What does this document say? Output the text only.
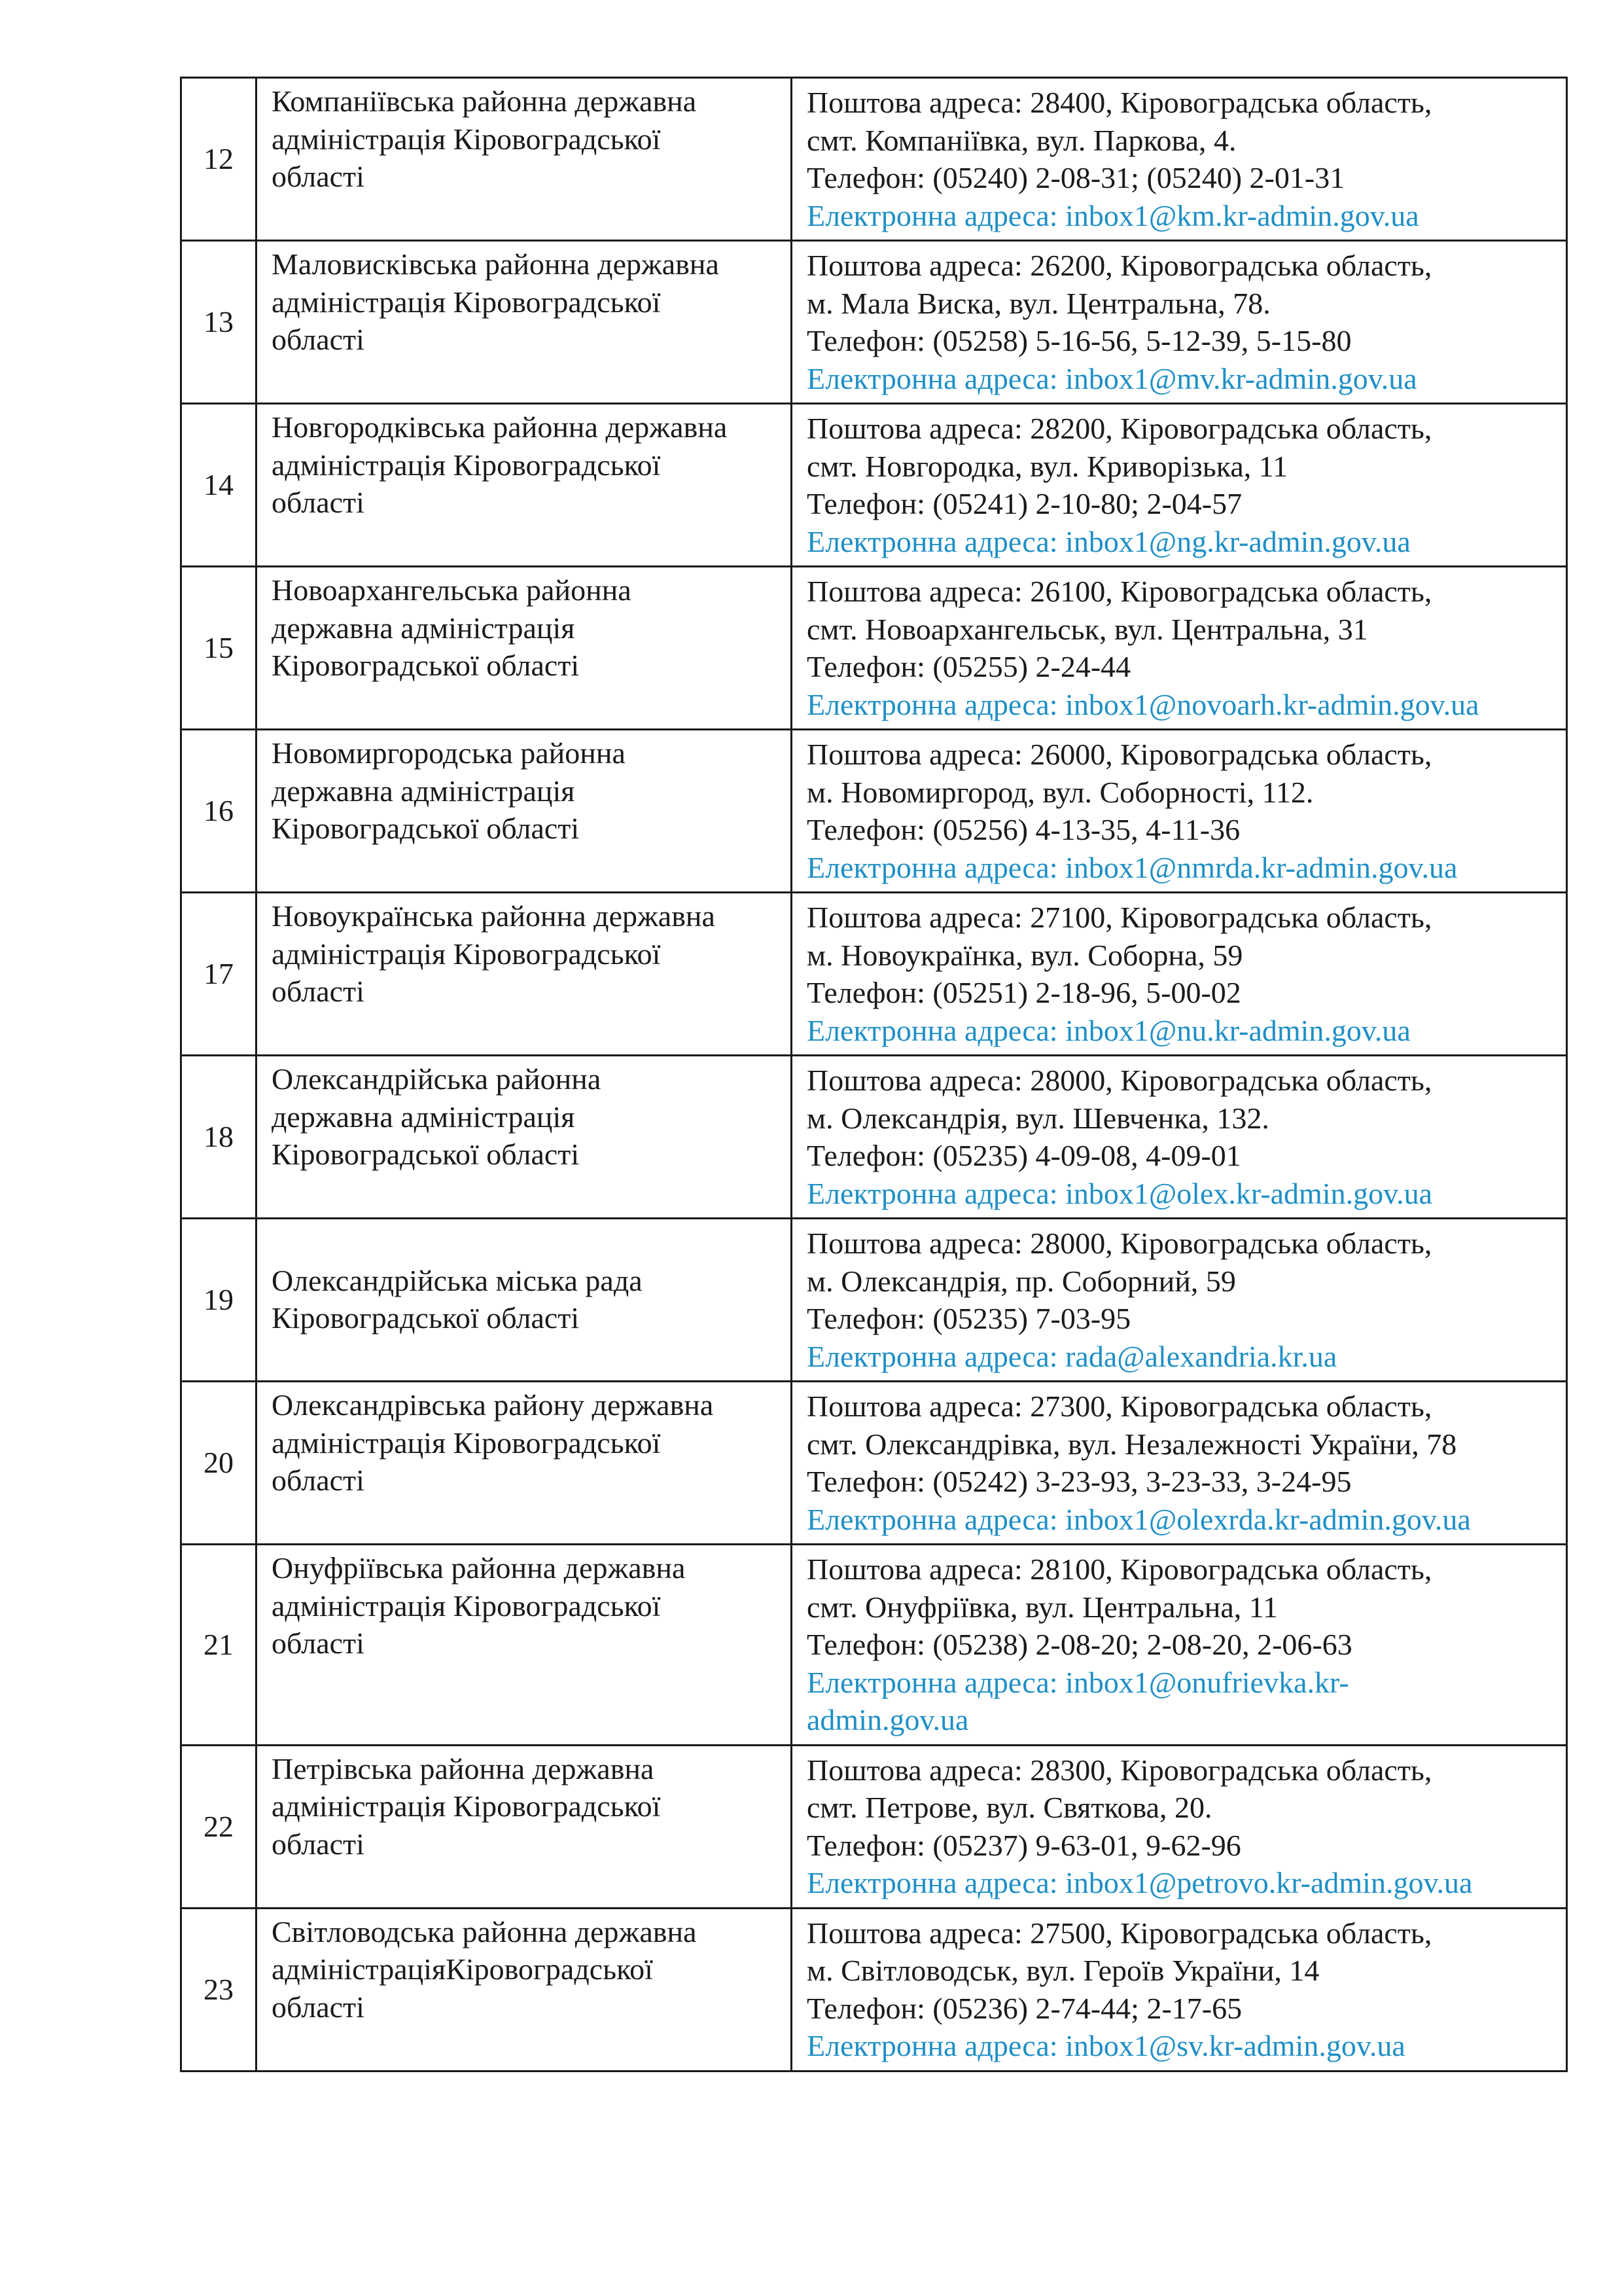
12	Компаніївська районна державна
адміністрація Кіровоградської
області	Поштова адреса: 28400, Кіровоградська область,
смт. Компаніївка, вул. Паркова, 4.
Телефон: (05240) 2-08-31; (05240) 2-01-31
Електронна адреса: inbox1@km.kr-admin.gov.ua

13	Маловисківська районна державна
адміністрація Кіровоградської
області	Поштова адреса: 26200, Кіровоградська область,
м. Мала Виска, вул. Центральна, 78.
Телефон: (05258) 5-16-56, 5-12-39, 5-15-80
Електронна адреса: inbox1@mv.kr-admin.gov.ua

14	Новгородківська районна державна
адміністрація Кіровоградської
області	Поштова адреса: 28200, Кіровоградська область,
смт. Новгородка, вул. Криворізька, 11
Телефон: (05241) 2-10-80; 2-04-57
Електронна адреса: inbox1@ng.kr-admin.gov.ua

15	Новоархангельська районна
державна адміністрація
Кіровоградської області	Поштова адреса: 26100, Кіровоградська область,
смт. Новоархангельськ, вул. Центральна, 31
Телефон: (05255) 2-24-44
Електронна адреса: inbox1@novoarh.kr-admin.gov.ua

16	Новомиргородська районна
державна адміністрація
Кіровоградської області	Поштова адреса: 26000, Кіровоградська область,
м. Новомиргород, вул. Соборності, 112.
Телефон: (05256) 4-13-35, 4-11-36
Електронна адреса: inbox1@nmrda.kr-admin.gov.ua

17	Новоукраїнська районна державна
адміністрація Кіровоградської
області	Поштова адреса: 27100, Кіровоградська область,
м. Новоукраїнка, вул. Соборна, 59
Телефон: (05251) 2-18-96, 5-00-02
Електронна адреса: inbox1@nu.kr-admin.gov.ua

18	Олександрійська районна
державна адміністрація
Кіровоградської області	Поштова адреса: 28000, Кіровоградська область,
м. Олександрія, вул. Шевченка, 132.
Телефон: (05235) 4-09-08, 4-09-01
Електронна адреса: inbox1@olex.kr-admin.gov.ua

19	Олександрійська міська рада
Кіровоградської області	Поштова адреса: 28000, Кіровоградська область,
м. Олександрія, пр. Соборний, 59
Телефон: (05235) 7-03-95
Електронна адреса: rada@alexandria.kr.ua

20	Олександрівська району державна
адміністрація Кіровоградської
області	Поштова адреса: 27300, Кіровоградська область,
смт. Олександрівка, вул. Незалежності України, 78
Телефон: (05242) 3-23-93, 3-23-33, 3-24-95
Електронна адреса: inbox1@olexrda.kr-admin.gov.ua

21	Онуфріївська районна державна
адміністрація Кіровоградської
області	Поштова адреса: 28100, Кіровоградська область,
смт. Онуфріївка, вул. Центральна, 11
Телефон: (05238) 2-08-20; 2-08-20, 2-06-63
Електронна адреса: inbox1@onufrievka.kr-
admin.gov.ua

22	Петрівська районна державна
адміністрація Кіровоградської
області	Поштова адреса: 28300, Кіровоградська область,
смт. Петрове, вул. Святкова, 20.
Телефон: (05237) 9-63-01, 9-62-96
Електронна адреса: inbox1@petrovo.kr-admin.gov.ua

23	Світловодська районна державна
адміністраціяКіровоградської
області	Поштова адреса: 27500, Кіровоградська область,
м. Світловодськ, вул. Героїв України, 14
Телефон: (05236) 2-74-44; 2-17-65
Електронна адреса: inbox1@sv.kr-admin.gov.ua
